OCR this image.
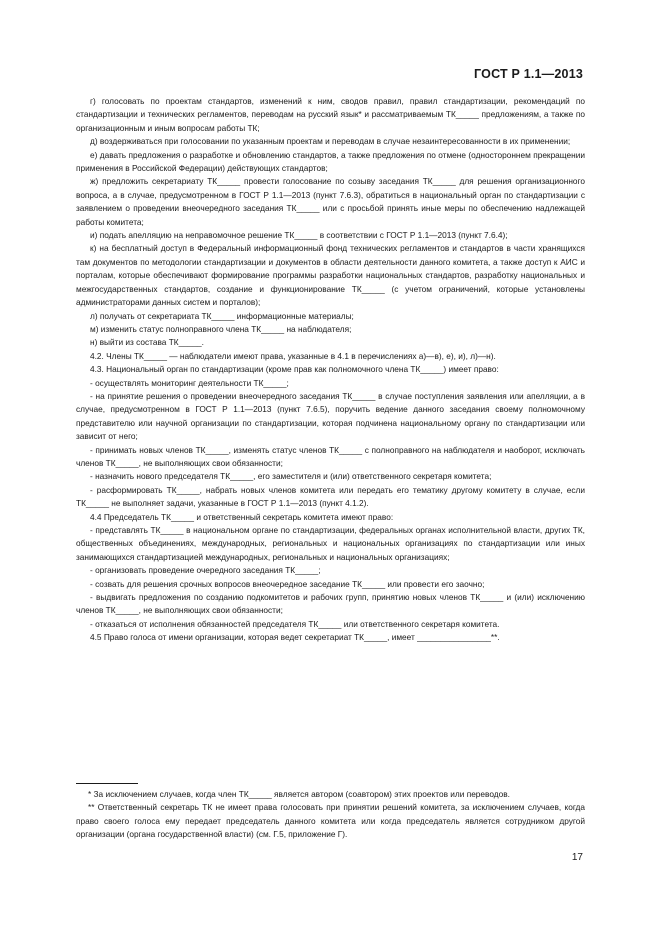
ГОСТ Р 1.1—2013

г) голосовать по проектам стандартов, изменений к ним, сводов правил, правил стандартизации, рекомендаций по стандартизации и технических регламентов, переводам на русский язык* и рассматриваемым ТК_____ предложениям, а также по организационным и иным вопросам работы ТК;

д) воздерживаться при голосовании по указанным проектам и переводам в случае незаинтересованности в их применении;

е) давать предложения о разработке и обновлению стандартов, а также предложения по отмене (одностороннем прекращении применения в Российской Федерации) действующих стандартов;

ж) предложить секретариату ТК_____ провести голосование по созыву заседания ТК_____ для решения организационного вопроса, а в случае, предусмотренном в ГОСТ Р 1.1—2013 (пункт 7.6.3), обратиться в национальный орган по стандартизации с заявлением о проведении внеочередного заседания ТК_____ или с просьбой принять иные меры по обеспечению надлежащей работы комитета;

и) подать апелляцию на неправомочное решение ТК_____ в соответствии с ГОСТ Р 1.1—2013 (пункт 7.6.4);

к) на бесплатный доступ в Федеральный информационный фонд технических регламентов и стандартов в части хранящихся там документов по методологии стандартизации и документов в области деятельности данного комитета, а также доступ к АИС и порталам, которые обеспечивают формирование программы разработки национальных стандартов, разработку национальных и межгосударственных стандартов, создание и функционирование ТК_____ (с учетом ограничений, которые установлены администраторами данных систем и порталов);

л) получать от секретариата ТК_____ информационные материалы;

м) изменить статус полноправного члена ТК_____ на наблюдателя;

н) выйти из состава ТК_____.

4.2. Члены ТК_____ — наблюдатели имеют права, указанные в 4.1 в перечислениях а)—в), е), и), л)—н).

4.3. Национальный орган по стандартизации (кроме прав как полномочного члена ТК_____) имеет право:

- осуществлять мониторинг деятельности ТК_____;

- на принятие решения о проведении внеочередного заседания ТК_____ в случае поступления заявления или апелляции, а в случае, предусмотренном в ГОСТ Р 1.1—2013 (пункт 7.6.5), поручить ведение данного заседания своему полномочному представителю или научной организации по стандартизации, которая подчинена национальному органу по стандартизации или зависит от него;

- принимать новых членов ТК_____, изменять статус членов ТК_____ с полноправного на наблюдателя и наоборот, исключать членов ТК_____, не выполняющих свои обязанности;

- назначить нового председателя ТК_____, его заместителя и (или) ответственного секретаря комитета;

- расформировать ТК_____, набрать новых членов комитета или передать его тематику другому комитету в случае, если ТК_____ не выполняет задачи, указанные в ГОСТ Р 1.1—2013 (пункт 4.1.2).

4.4 Председатель ТК_____ и ответственный секретарь комитета имеют право:

- представлять ТК_____ в национальном органе по стандартизации, федеральных органах исполнительной власти, других ТК, общественных объединениях, международных, региональных и национальных организациях по стандартизации или иных занимающихся стандартизацией международных, региональных и национальных организациях;

- организовать проведение очередного заседания ТК_____;

- созвать для решения срочных вопросов внеочередное заседание ТК_____ или провести его заочно;

- выдвигать предложения по созданию подкомитетов и рабочих групп, принятию новых членов ТК_____ и (или) исключению членов ТК_____, не выполняющих свои обязанности;

- отказаться от исполнения обязанностей председателя ТК_____ или ответственного секретаря комитета.

4.5 Право голоса от имени организации, которая ведет секретариат ТК_____, имеет ________________**.

* За исключением случаев, когда член ТК_____ является автором (соавтором) этих проектов или переводов.

** Ответственный секретарь ТК не имеет права голосовать при принятии решений комитета, за исключением случаев, когда право своего голоса ему передает председатель данного комитета или когда председатель является сотрудником другой организации (органа государственной власти) (см. Г.5, приложение Г).

17
